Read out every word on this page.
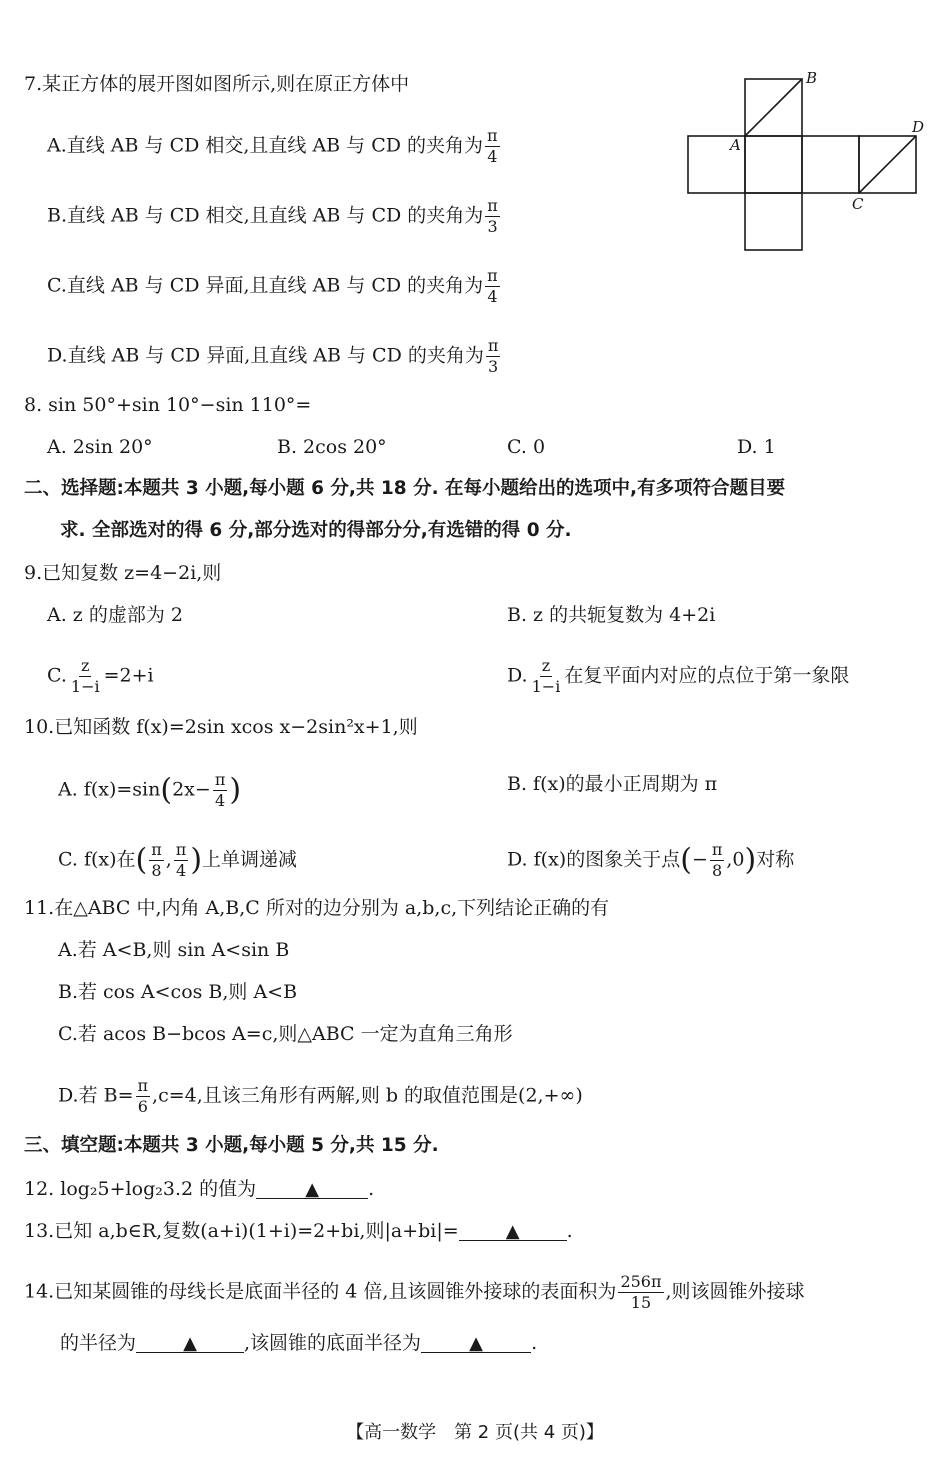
7.某正方体的展开图如图所示,则在原正方体中
A.直线 AB 与 CD 相交,且直线 AB 与 CD 的夹角为 $\frac{\pi}{4}$
B.直线 AB 与 CD 相交,且直线 AB 与 CD 的夹角为 $\frac{\pi}{3}$
C.直线 AB 与 CD 异面,且直线 AB 与 CD 的夹角为 $\frac{\pi}{4}$
D.直线 AB 与 CD 异面,且直线 AB 与 CD 的夹角为 $\frac{\pi}{3}$
A
B
C
D
8. sin 50°+sin 10°−sin 110°=
A. 2sin 20°	B. 2cos 20°	C. 0	D. 1
二、选择题:本题共 3 小题,每小题 6 分,共 18 分. 在每小题给出的选项中,有多项符合题目要
求. 全部选对的得 6 分,部分选对的得部分分,有选错的得 0 分.
9.已知复数 z=4−2i,则
A. z 的虚部为 2	B. z 的共轭复数为 4+2i
C. $\frac{z}{1-i} =2+i$	D. $\frac{z}{1-i}$ 在复平面内对应的点位于第一象限
10.已知函数 f(x)=2sin xcos x−2sin²x+1,则
A. $f(x)=\sin(2x- \frac{\pi}{4}$ )	B. f(x)的最小正周期为 π
C. f(x)在( $\frac{\pi}{8}$ , $\frac{\pi}{4}$ )上单调递减	D. f(x)的图象关于点(− $\frac{\pi}{8} ,0$)对称
11.在△ABC 中,内角 A,B,C 所对的边分别为 a,b,c,下列结论正确的有
A.若 A<B,则 sin A<sin B
B.若 cos A<cos B,则 A<B
C.若 acos B−bcos A=c,则△ABC 一定为直角三角形
D.若 $B= \frac{\pi}{6} ,c=4$,且该三角形有两解,则 b 的取值范围是(2,+∞)
三、填空题:本题共 3 小题,每小题 5 分,共 15 分.
12. log₂5+log₂3.2 的值为	▲	.
13.已知 a,b∈R,复数(a+i)(1+i)=2+bi,则|a+bi|=	▲ .
14.已知某圆锥的母线长是底面半径的 4 倍,且该圆锥外接球的表面积为 $\frac{256\pi}{15}$ ,则该圆锥外接球
的半径为	▲ ,该圆锥的底面半径为	▲	.
【高一数学　第 2 页(共 4 页)】
